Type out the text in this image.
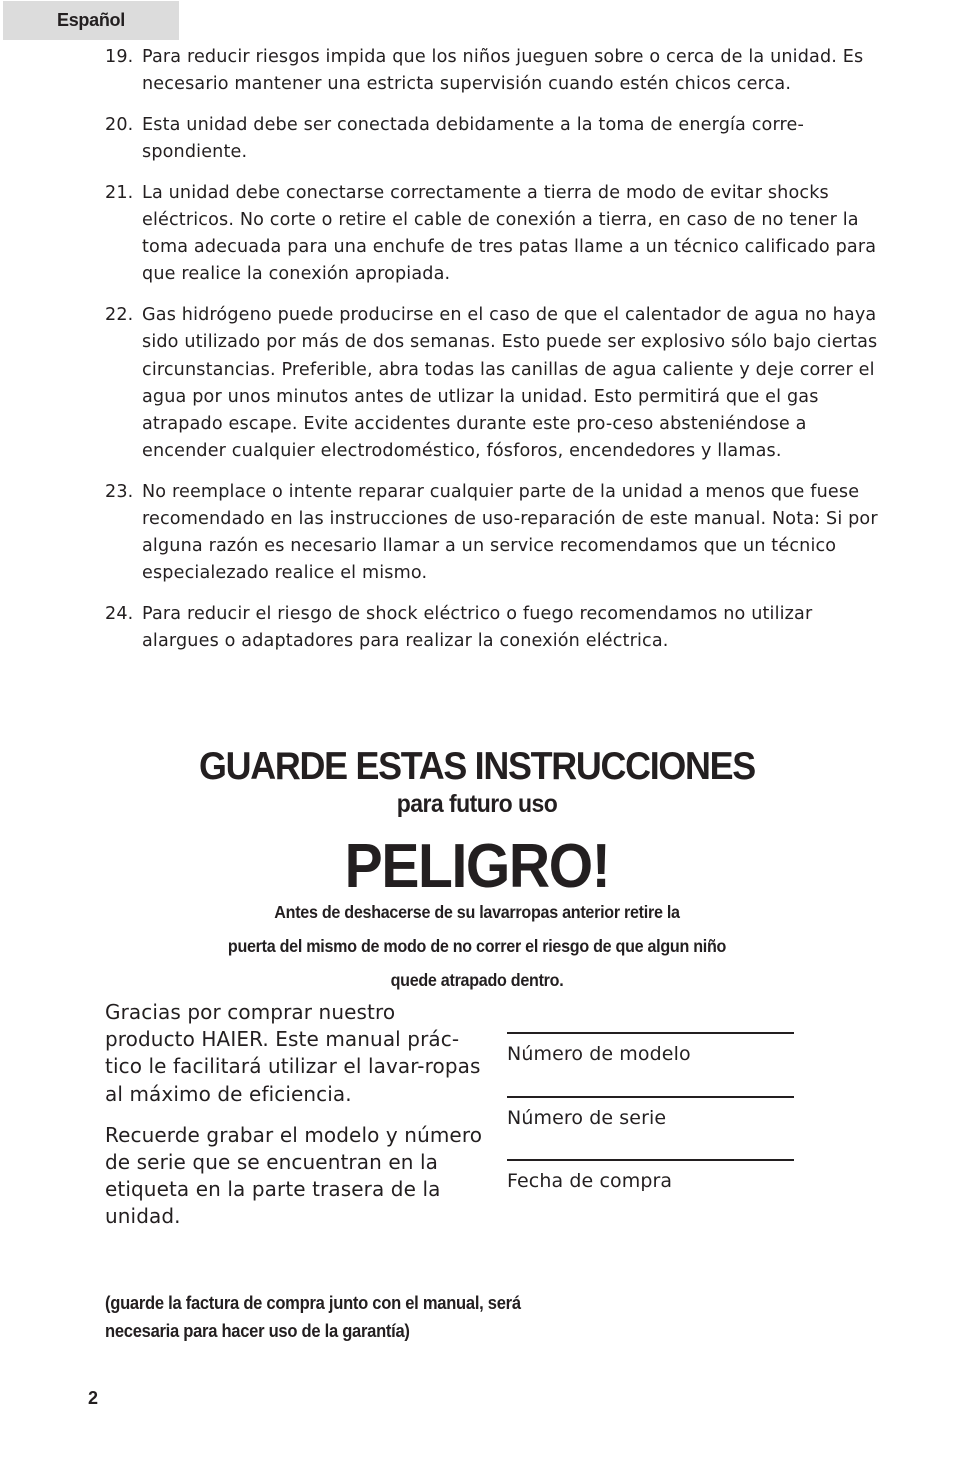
Español
19. Para reducir riesgos impida que los niños jueguen sobre o cerca de la unidad. Es necesario mantener una estricta supervisión cuando estén chicos cerca.
20. Esta unidad debe ser conectada debidamente a la toma de energía corre-spondiente.
21. La unidad debe conectarse correctamente a tierra de modo de evitar shocks eléctricos. No corte o retire el cable de conexión a tierra, en caso de no tener la toma adecuada para una enchufe de tres patas llame a un técnico calificado para que realice la conexión apropiada.
22. Gas hidrógeno puede producirse en el caso de que el calentador de agua no haya sido utilizado por más de dos semanas. Esto puede ser explosivo sólo bajo ciertas circunstancias. Preferible, abra todas las canillas de agua caliente y deje correr el agua por unos minutos antes de utlizar la unidad. Esto permitirá que el gas atrapado escape. Evite accidentes durante este pro-ceso absteniéndose a encender cualquier electrodoméstico, fósforos, encendedores y llamas.
23. No reemplace o intente reparar cualquier parte de la unidad a menos que fuese recomendado en las instrucciones de uso-reparación de este manual. Nota: Si por alguna razón es necesario llamar a un service recomendamos que un técnico especialezado realice el mismo.
24. Para reducir el riesgo de shock eléctrico o fuego recomendamos no utilizar alargues o adaptadores para realizar la conexión eléctrica.
GUARDE ESTAS INSTRUCCIONES
para futuro uso
PELIGRO!
Antes de deshacerse de su lavarropas anterior retire la
puerta del mismo de modo de no correr el riesgo de que algun niño
quede atrapado dentro.

Gracias por comprar nuestro producto HAIER. Este manual prác-tico le facilitará utilizar el lavar-ropas al máximo de eficiencia.

Recuerde grabar el modelo y número de serie que se encuentran en la etiqueta en la parte trasera de la unidad.

Número de modelo
Número de serie
Fecha de compra
(guarde la factura de compra junto con el manual, será
necesaria para hacer uso de la garantía)
2
